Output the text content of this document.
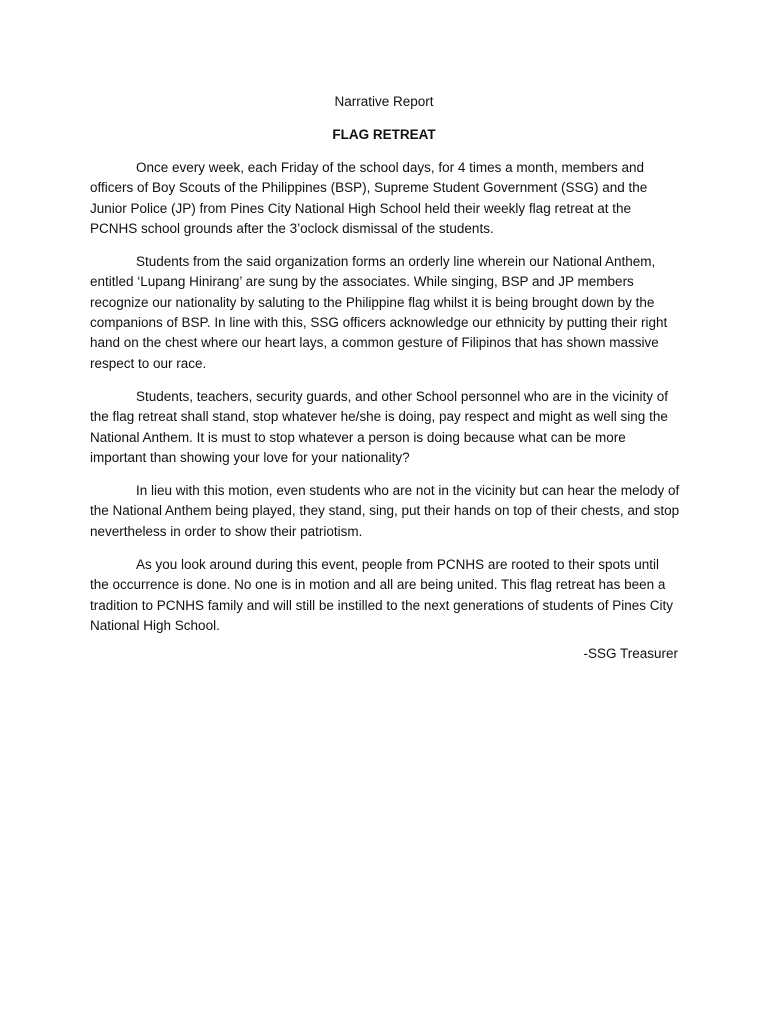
Narrative Report
FLAG RETREAT

Once every week, each Friday of the school days, for 4 times a month, members and officers of Boy Scouts of the Philippines (BSP), Supreme Student Government (SSG) and the Junior Police (JP) from Pines City National High School held their weekly flag retreat at the PCNHS school grounds after the 3’oclock dismissal of the students.

Students from the said organization forms an orderly line wherein our National Anthem, entitled ‘Lupang Hinirang’ are sung by the associates. While singing, BSP and JP members recognize our nationality by saluting to the Philippine flag whilst it is being brought down by the companions of BSP. In line with this, SSG officers acknowledge our ethnicity by putting their right hand on the chest where our heart lays, a common gesture of Filipinos that has shown massive respect to our race.

Students, teachers, security guards, and other School personnel who are in the vicinity of the flag retreat shall stand, stop whatever he/she is doing, pay respect and might as well sing the National Anthem. It is must to stop whatever a person is doing because what can be more important than showing your love for your nationality?

In lieu with this motion, even students who are not in the vicinity but can hear the melody of the National Anthem being played, they stand, sing, put their hands on top of their chests, and stop nevertheless in order to show their patriotism.

As you look around during this event, people from PCNHS are rooted to their spots until the occurrence is done. No one is in motion and all are being united. This flag retreat has been a tradition to PCNHS family and will still be instilled to the next generations of students of Pines City National High School.

-SSG Treasurer
